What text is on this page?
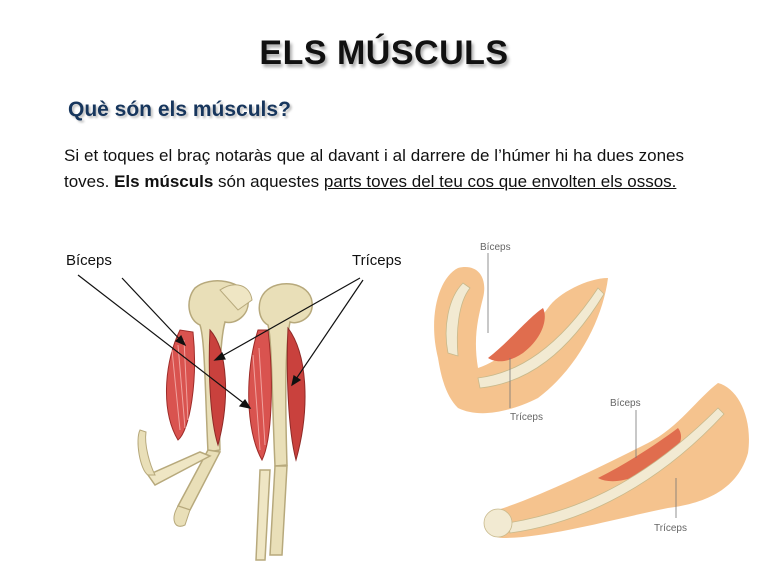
ELS MÚSCULS
Què són els músculs?
Si et toques el braç notaràs que al davant i al darrere de l’húmer hi ha dues zones toves. Els músculs són aquestes parts toves del teu cos que envolten els ossos.
Bíceps	Tríceps
Bíceps
Tríceps
Bíceps
Tríceps
